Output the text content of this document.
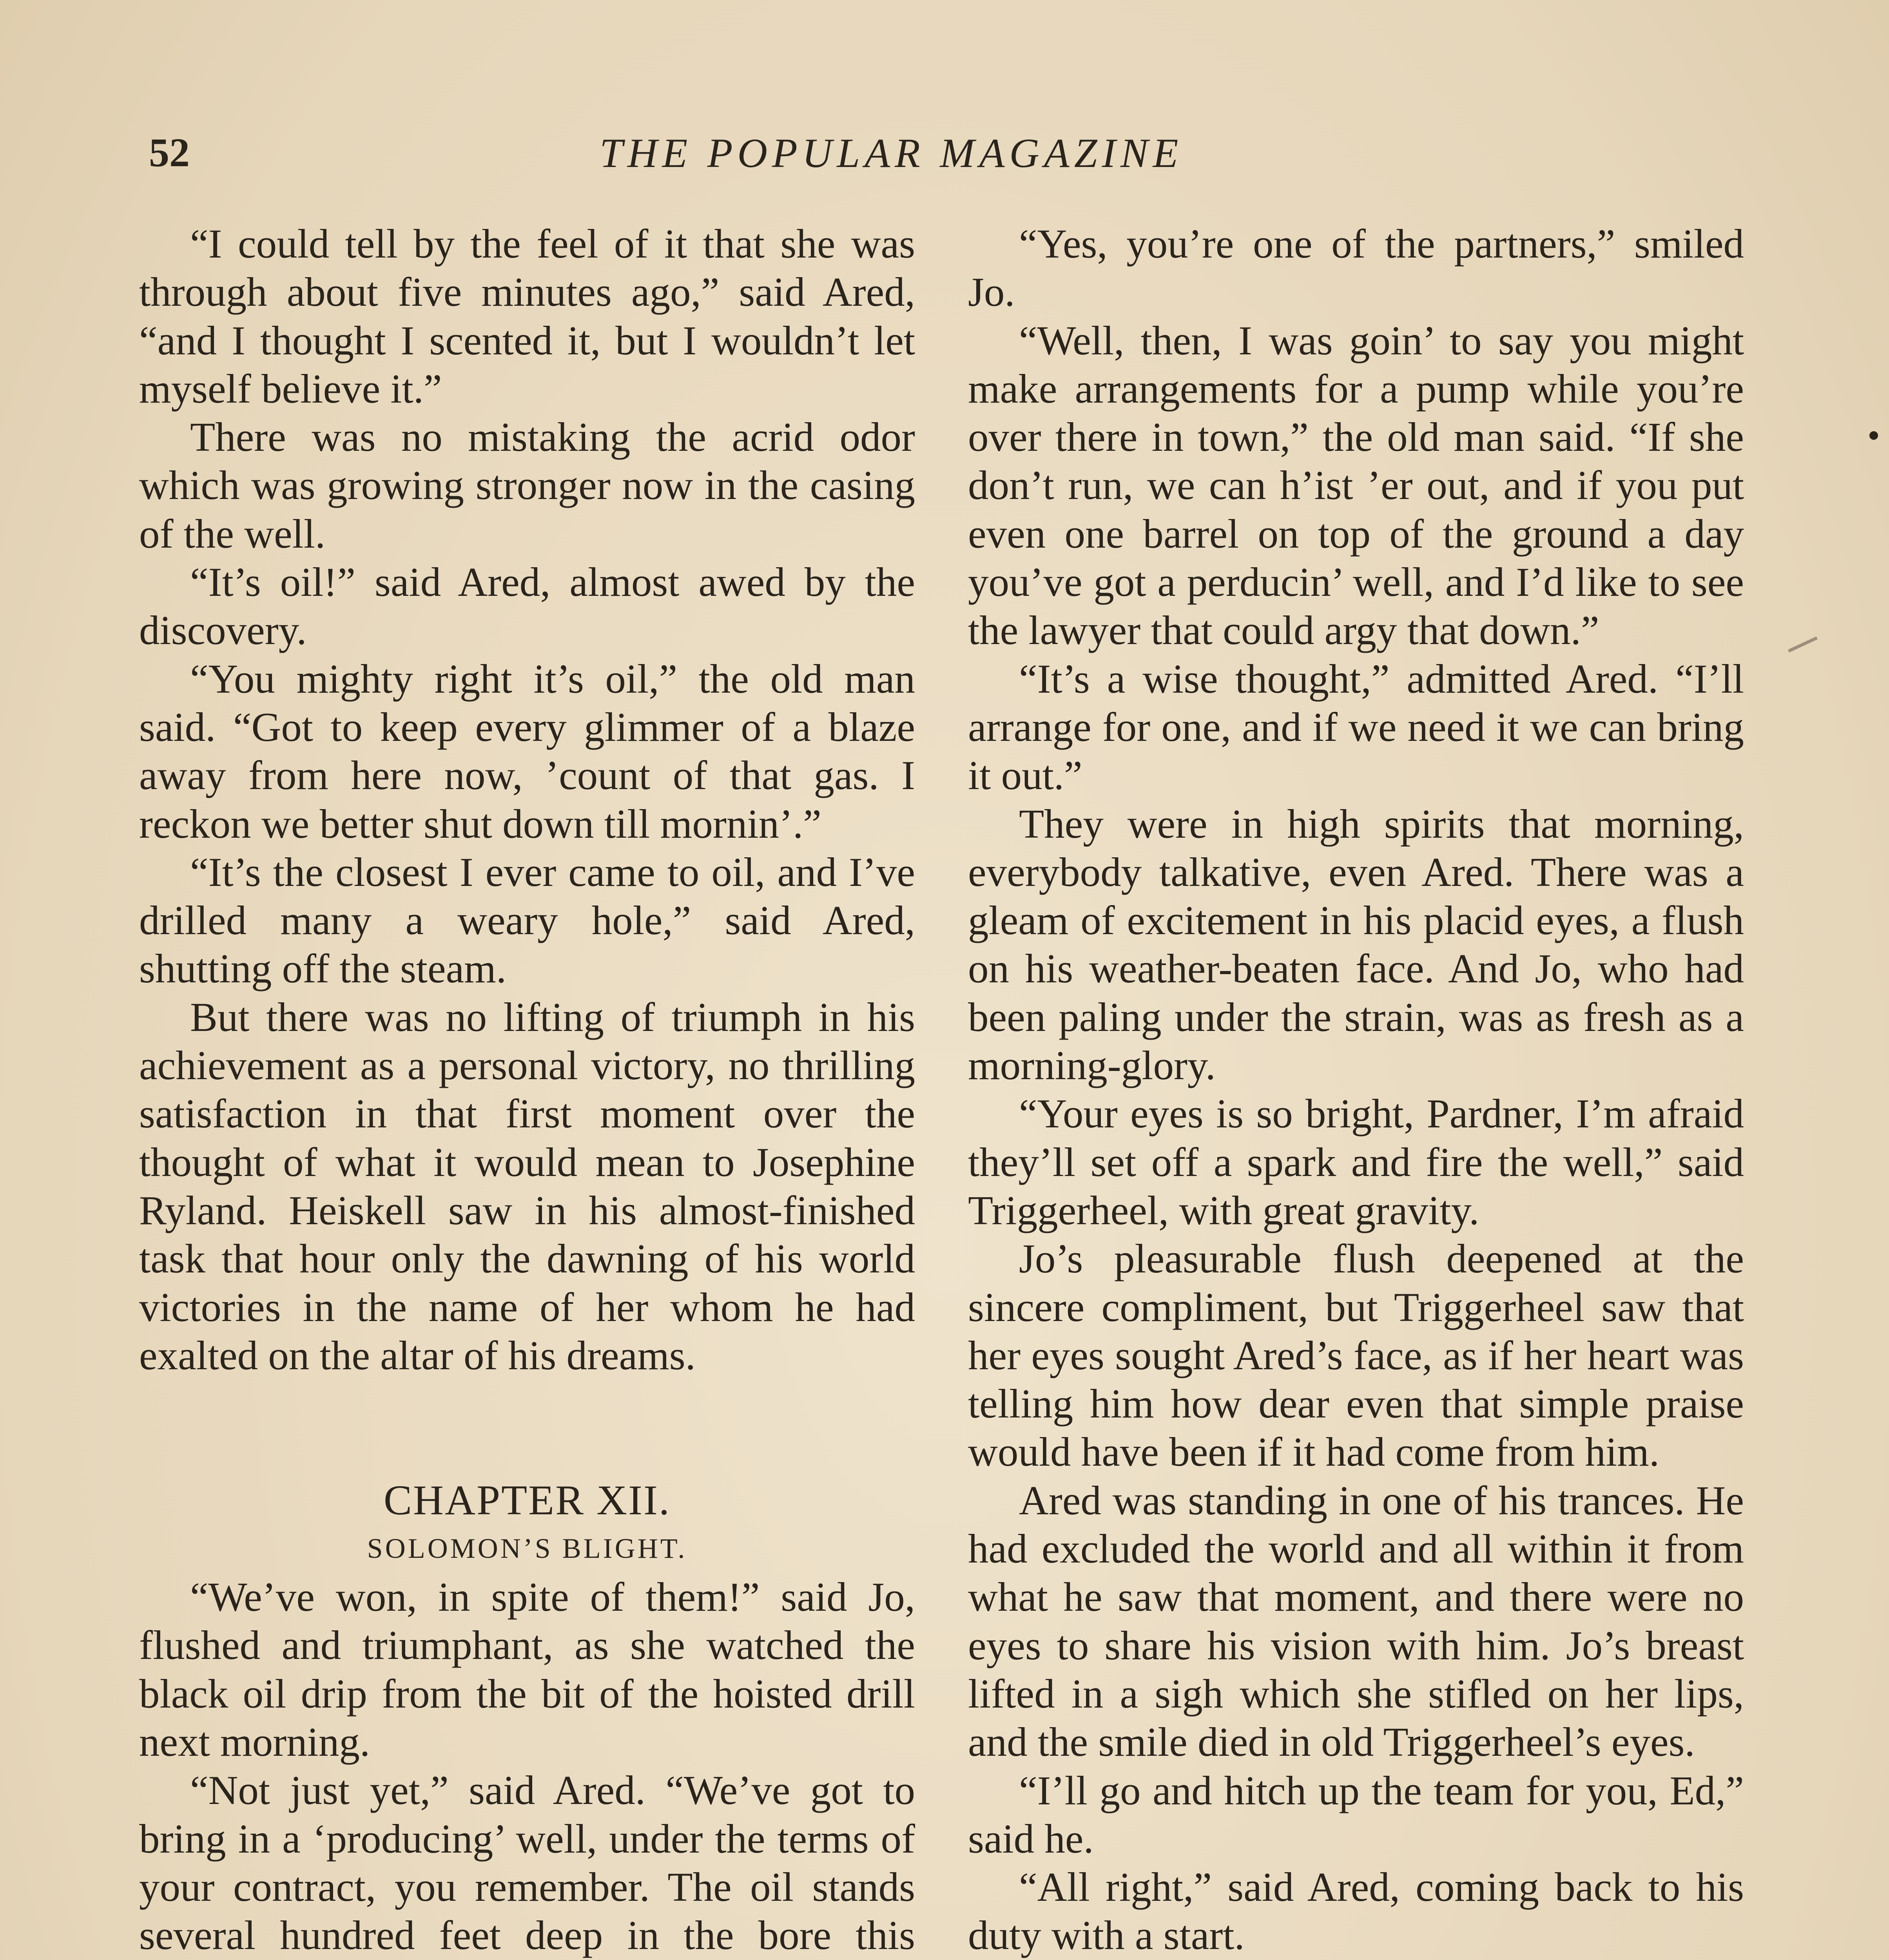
52	THE POPULAR MAGAZINE

“I could tell by the feel of it that she was through about five minutes ago,” said Ared, “and I thought I scented it, but I wouldn’t let myself believe it.”

There was no mistaking the acrid odor which was growing stronger now in the casing of the well.

“It’s oil!” said Ared, almost awed by the discovery.

“You mighty right it’s oil,” the old man said. “Got to keep every glimmer of a blaze away from here now, ’count of that gas. I reckon we better shut down till mornin’.”

“It’s the closest I ever came to oil, and I’ve drilled many a weary hole,” said Ared, shutting off the steam.

But there was no lifting of triumph in his achievement as a personal victory, no thrilling satisfaction in that first moment over the thought of what it would mean to Josephine Ryland. Heiskell saw in his almost-finished task that hour only the dawning of his world victories in the name of her whom he had exalted on the altar of his dreams.

CHAPTER XII.
SOLOMON’S BLIGHT.

“We’ve won, in spite of them!” said Jo, flushed and triumphant, as she watched the black oil drip from the bit of the hoisted drill next morning.

“Not just yet,” said Ared. “We’ve got to bring in a ‘producing’ well, under the terms of your contract, you remember. The oil stands several hundred feet deep in the bore this

“Yes, you’re one of the partners,” smiled Jo.

“Well, then, I was goin’ to say you might make arrangements for a pump while you’re over there in town,” the old man said. “If she don’t run, we can h’ist ’er out, and if you put even one barrel on top of the ground a day you’ve got a perducin’ well, and I’d like to see the lawyer that could argy that down.”

“It’s a wise thought,” admitted Ared. “I’ll arrange for one, and if we need it we can bring it out.”

They were in high spirits that morning, everybody talkative, even Ared. There was a gleam of excitement in his placid eyes, a flush on his weather-beaten face. And Jo, who had been paling under the strain, was as fresh as a morning-glory.

“Your eyes is so bright, Pardner, I’m afraid they’ll set off a spark and fire the well,” said Triggerheel, with great gravity.

Jo’s pleasurable flush deepened at the sincere compliment, but Triggerheel saw that her eyes sought Ared’s face, as if her heart was telling him how dear even that simple praise would have been if it had come from him.

Ared was standing in one of his trances. He had excluded the world and all within it from what he saw that moment, and there were no eyes to share his vision with him. Jo’s breast lifted in a sigh which she stifled on her lips, and the smile died in old Triggerheel’s eyes.

“I’ll go and hitch up the team for you, Ed,” said he.

“All right,” said Ared, coming back to his duty with a start.
